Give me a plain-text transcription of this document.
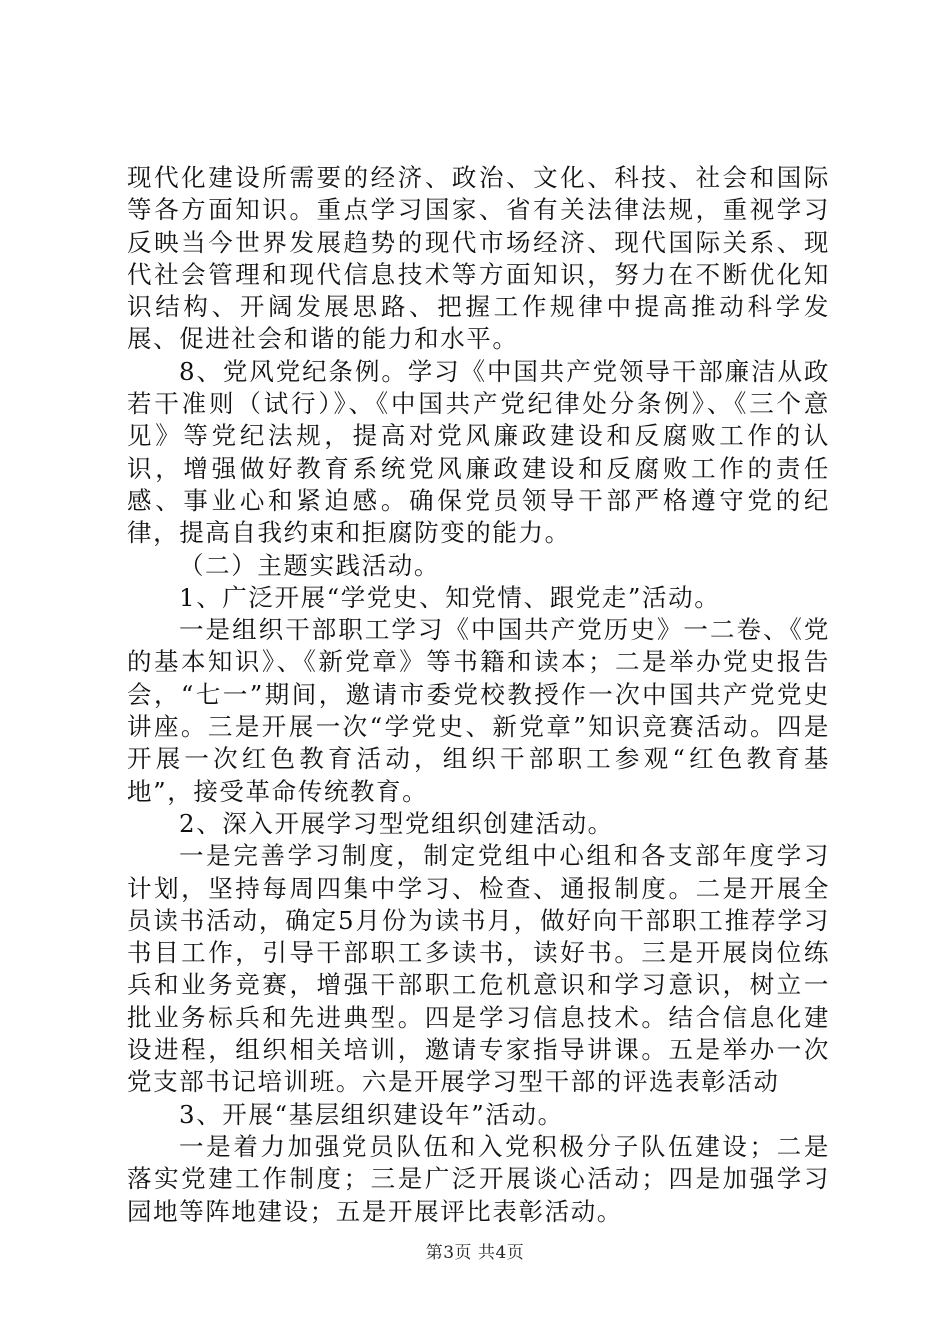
现代化建设所需要的经济、政治、文化、科技、社会和国际等各方面知识。重点学习国家、省有关法律法规，重视学习反映当今世界发展趋势的现代市场经济、现代国际关系、现代社会管理和现代信息技术等方面知识，努力在不断优化知识结构、开阔发展思路、把握工作规律中提高推动科学发展、促进社会和谐的能力和水平。

8、党风党纪条例。学习《中国共产党领导干部廉洁从政若干准则（试行）》、《中国共产党纪律处分条例》、《三个意见》等党纪法规，提高对党风廉政建设和反腐败工作的认识，增强做好教育系统党风廉政建设和反腐败工作的责任感、事业心和紧迫感。确保党员领导干部严格遵守党的纪律，提高自我约束和拒腐防变的能力。

（二）主题实践活动。

1、广泛开展“学党史、知党情、跟党走”活动。

一是组织干部职工学习《中国共产党历史》一二卷、《党的基本知识》、《新党章》等书籍和读本；二是举办党史报告会，“七一”期间，邀请市委党校教授作一次中国共产党党史讲座。三是开展一次“学党史、新党章”知识竞赛活动。四是开展一次红色教育活动，组织干部职工参观“红色教育基地”，接受革命传统教育。

2、深入开展学习型党组织创建活动。

一是完善学习制度，制定党组中心组和各支部年度学习计划，坚持每周四集中学习、检查、通报制度。二是开展全员读书活动，确定5月份为读书月，做好向干部职工推荐学习书目工作，引导干部职工多读书，读好书。三是开展岗位练兵和业务竞赛，增强干部职工危机意识和学习意识，树立一批业务标兵和先进典型。四是学习信息技术。结合信息化建设进程，组织相关培训，邀请专家指导讲课。五是举办一次党支部书记培训班。六是开展学习型干部的评选表彰活动

3、开展“基层组织建设年”活动。

一是着力加强党员队伍和入党积极分子队伍建设；二是落实党建工作制度；三是广泛开展谈心活动；四是加强学习园地等阵地建设；五是开展评比表彰活动。

第3页 共4页
